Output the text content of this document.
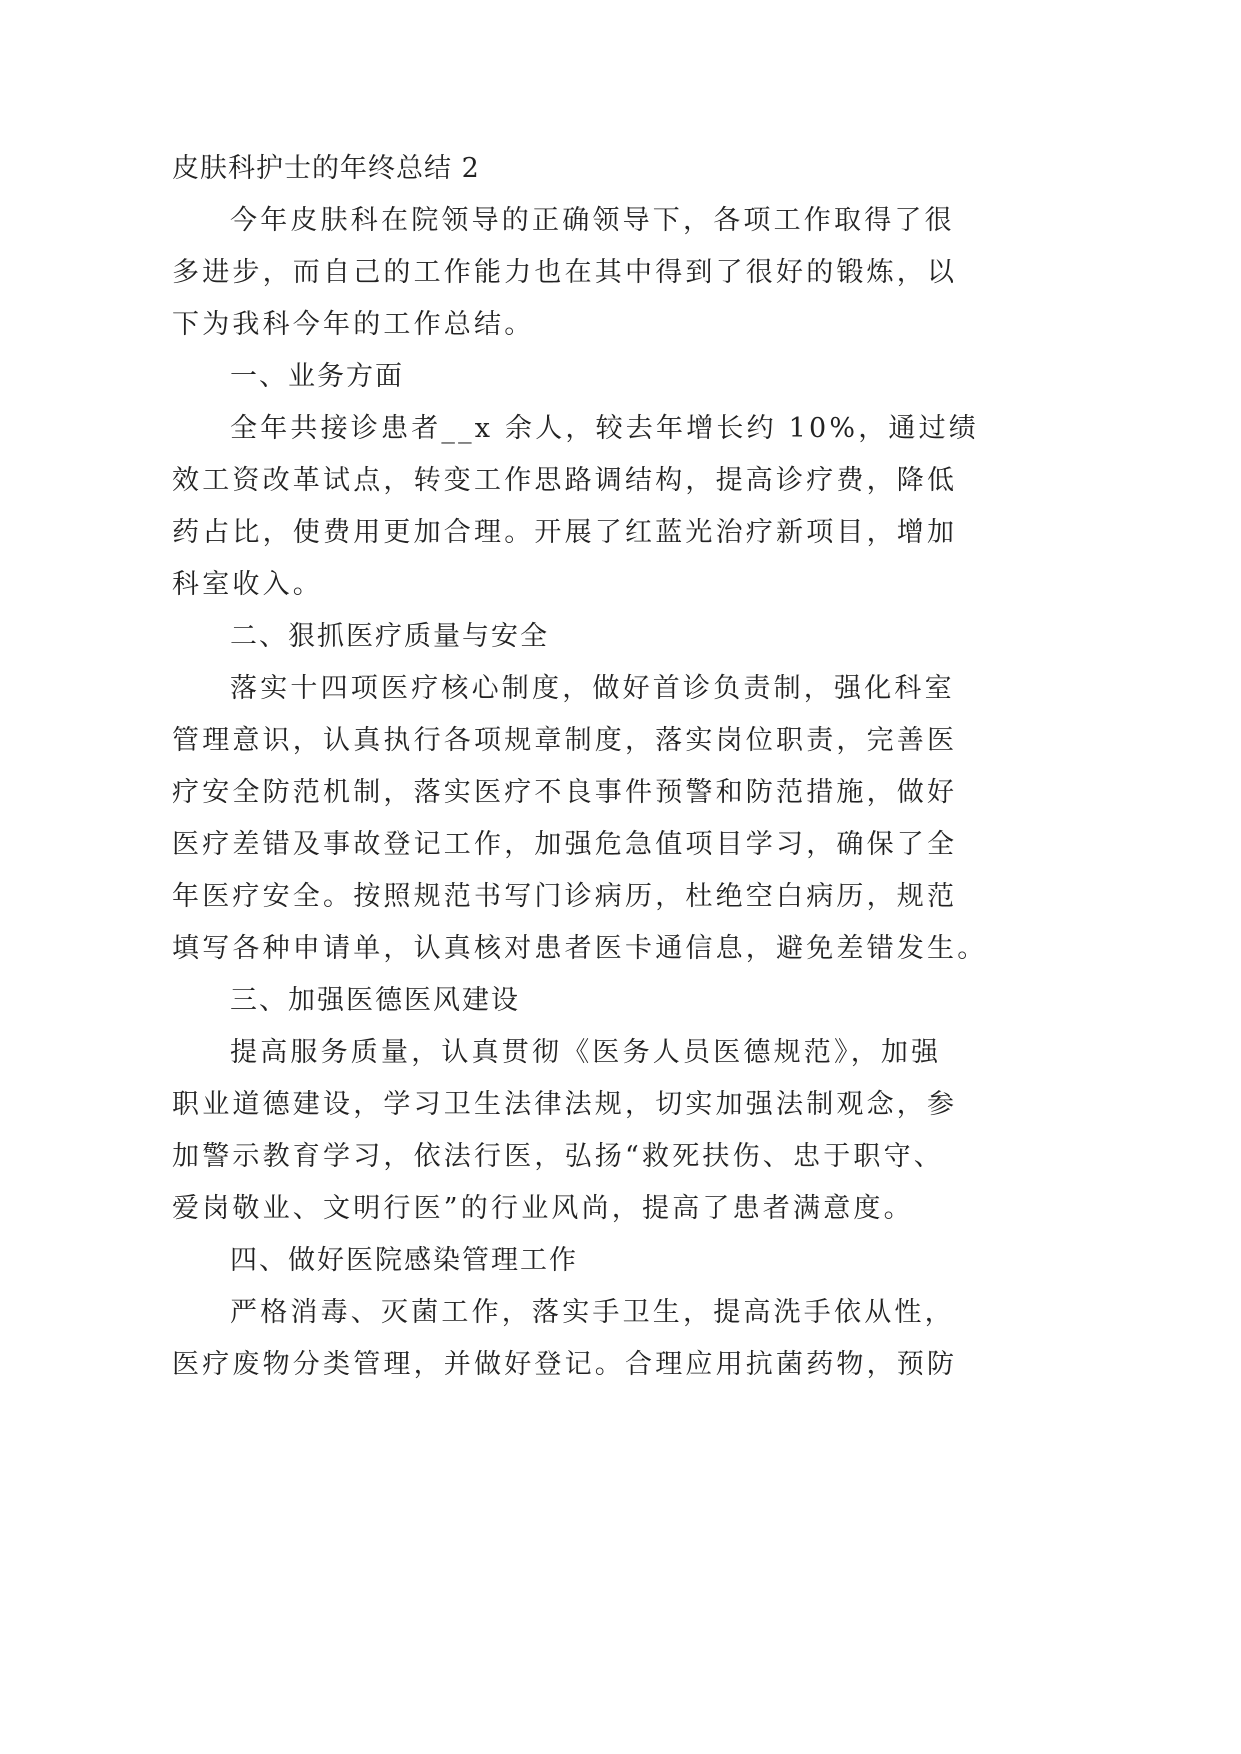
皮肤科护士的年终总结 2

今年皮肤科在院领导的正确领导下，各项工作取得了很

多进步，而自己的工作能力也在其中得到了很好的锻炼，以

下为我科今年的工作总结。

一、业务方面

全年共接诊患者__x 余人，较去年增长约 10%，通过绩

效工资改革试点，转变工作思路调结构，提高诊疗费，降低

药占比，使费用更加合理。开展了红蓝光治疗新项目，增加

科室收入。

二、狠抓医疗质量与安全

落实十四项医疗核心制度，做好首诊负责制，强化科室

管理意识，认真执行各项规章制度，落实岗位职责，完善医

疗安全防范机制，落实医疗不良事件预警和防范措施，做好

医疗差错及事故登记工作，加强危急值项目学习，确保了全

年医疗安全。按照规范书写门诊病历，杜绝空白病历，规范

填写各种申请单，认真核对患者医卡通信息，避免差错发生。

三、加强医德医风建设

提高服务质量，认真贯彻《医务人员医德规范》，加强

职业道德建设，学习卫生法律法规，切实加强法制观念，参

加警示教育学习，依法行医，弘扬“救死扶伤、忠于职守、

爱岗敬业、文明行医”的行业风尚，提高了患者满意度。

四、做好医院感染管理工作

严格消毒、灭菌工作，落实手卫生，提高洗手依从性，

医疗废物分类管理，并做好登记。合理应用抗菌药物，预防
